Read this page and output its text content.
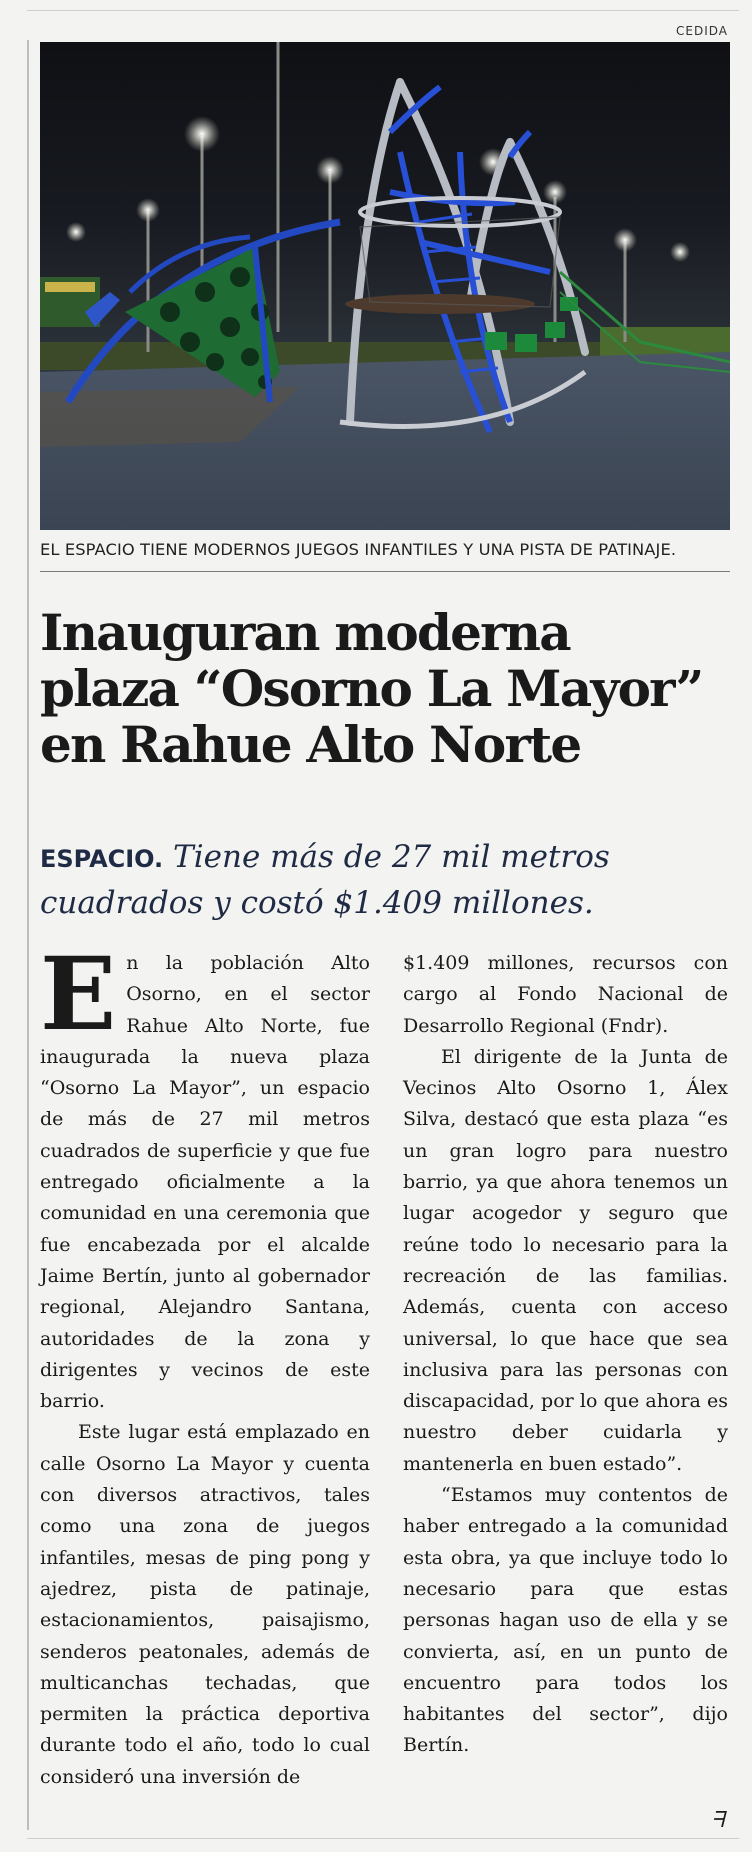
CEDIDA
EL ESPACIO TIENE MODERNOS JUEGOS INFANTILES Y UNA PISTA DE PATINAJE.
Inauguran moderna
plaza “Osorno La Mayor”
en Rahue Alto Norte
ESPACIO. Tiene más de 27 mil metros cuadrados y costó $1.409 millones.

En la población Alto Osorno, en el sector Rahue Alto Norte, fue inaugurada la nueva plaza “Osorno La Mayor”, un espacio de más de 27 mil metros cuadrados de superficie y que fue entregado oficialmente a la comunidad en una ceremonia que fue encabezada por el alcalde Jaime Bertín, junto al gobernador regional, Alejandro Santana, autoridades de la zona y dirigentes y vecinos de este barrio.

Este lugar está emplazado en calle Osorno La Mayor y cuenta con diversos atractivos, tales como una zona de juegos infantiles, mesas de ping pong y ajedrez, pista de patinaje, estacionamientos, paisajismo, senderos peatonales, además de multicanchas techadas, que permiten la práctica deportiva durante todo el año, todo lo cual consideró una inversión de

$1.409 millones, recursos con cargo al Fondo Nacional de Desarrollo Regional (Fndr).

El dirigente de la Junta de Vecinos Alto Osorno 1, Álex Silva, destacó que esta plaza “es un gran logro para nuestro barrio, ya que ahora tenemos un lugar acogedor y seguro que reúne todo lo necesario para la recreación de las familias. Además, cuenta con acceso universal, lo que hace que sea inclusiva para las personas con discapacidad, por lo que ahora es nuestro deber cuidarla y mantenerla en buen estado”.

“Estamos muy contentos de haber entregado a la comunidad esta obra, ya que incluye todo lo necesario para que estas personas hagan uso de ella y se convierta, así, en un punto de encuentro para todos los habitantes del sector”, dijo Bertín.

ᖷ
